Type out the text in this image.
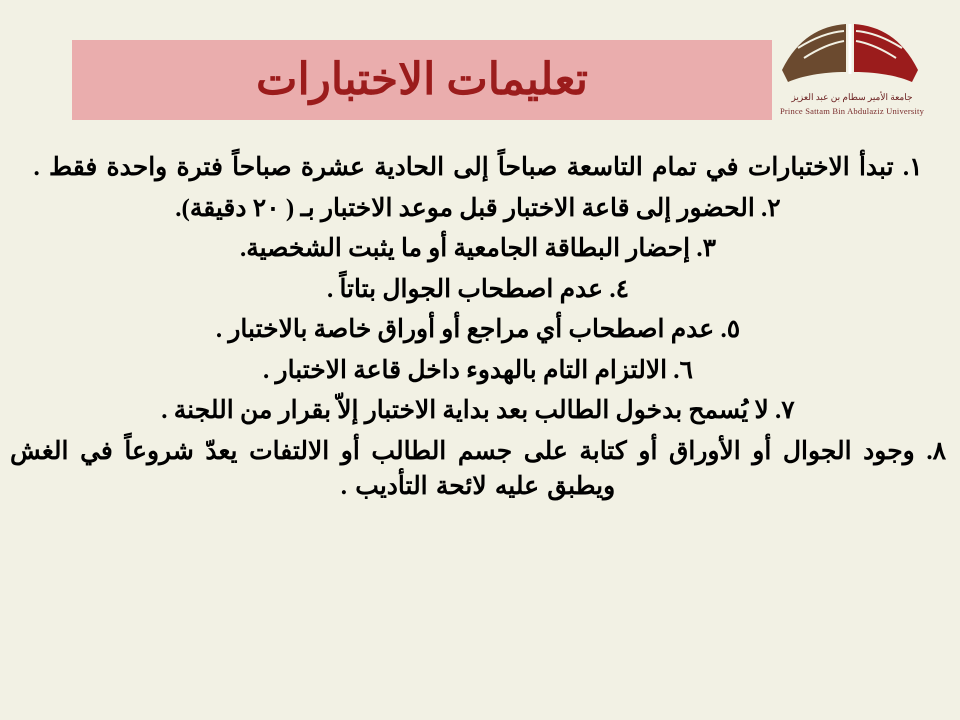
تعليمات الاختبارات	جامعة الأمير سطام بن عبد العزيز
Prince Sattam Bin Abdulaziz University
١. تبدأ الاختبارات في تمام التاسعة صباحاً إلى الحادية عشرة صباحاً فترة واحدة فقط .
٢. الحضور إلى قاعة الاختبار قبل موعد الاختبار بـ ( ٢٠ دقيقة).
٣. إحضار البطاقة الجامعية أو ما يثبت الشخصية.
٤. عدم اصطحاب الجوال بتاتاً .
٥. عدم اصطحاب أي مراجع أو أوراق خاصة بالاختبار .
٦. الالتزام التام بالهدوء داخل قاعة الاختبار .
٧. لا يُسمح بدخول الطالب بعد بداية الاختبار إلاّ بقرار من اللجنة .
٨. وجود الجوال أو الأوراق أو كتابة على جسم الطالب أو الالتفات يعدّ شروعاً في الغش ويطبق عليه لائحة التأديب .
